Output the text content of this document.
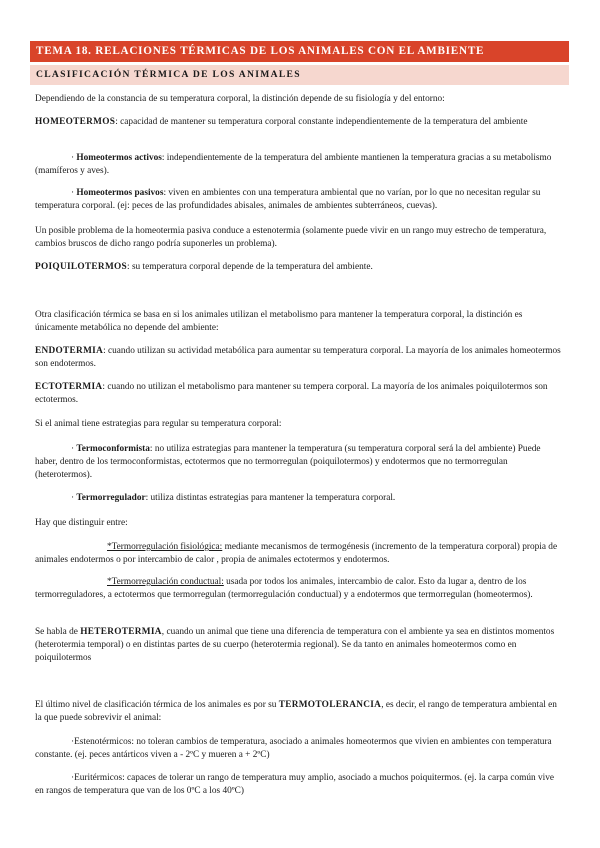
TEMA 18. RELACIONES TÉRMICAS DE LOS ANIMALES CON EL AMBIENTE
CLASIFICACIÓN TÉRMICA DE LOS ANIMALES

Dependiendo de la constancia de su temperatura corporal, la distinción depende de su fisiología y del entorno:

HOMEOTERMOS: capacidad de mantener su temperatura corporal constante independientemente de la temperatura del ambiente

· Homeotermos activos: independientemente de la temperatura del ambiente mantienen la temperatura gracias a su metabolismo (mamíferos y aves).

· Homeotermos pasivos: viven en ambientes con una temperatura ambiental que no varían, por lo que no necesitan regular su temperatura corporal. (ej: peces de las profundidades abisales, animales de ambientes subterráneos, cuevas).

Un posible problema de la homeotermia pasiva conduce a estenotermia (solamente puede vivir en un rango muy estrecho de temperatura, cambios bruscos de dicho rango podría suponerles un problema).

POIQUILOTERMOS: su temperatura corporal depende de la temperatura del ambiente.

Otra clasificación térmica se basa en si los animales utilizan el metabolismo para mantener la temperatura corporal, la distinción es únicamente metabólica no depende del ambiente:

ENDOTERMIA: cuando utilizan su actividad metabólica para aumentar su temperatura corporal. La mayoría de los animales homeotermos son endotermos.

ECTOTERMIA: cuando no utilizan el metabolismo para mantener su tempera corporal. La mayoría de los animales poiquilotermos son ectotermos.

Si el animal tiene estrategias para regular su temperatura corporal:

· Termoconformista: no utiliza estrategias para mantener la temperatura (su temperatura corporal será la del ambiente) Puede haber, dentro de los termoconformistas, ectotermos que no termorregulan (poiquilotermos) y endotermos que no termorregulan (heterotermos).

· Termorregulador: utiliza distintas estrategias para mantener la temperatura corporal.

Hay que distinguir entre:

*Termorregulación fisiológica: mediante mecanismos de termogénesis (incremento de la temperatura corporal) propia de animales endotermos o por intercambio de calor , propia de animales ectotermos y endotermos.

*Termorregulación conductual: usada por todos los animales, intercambio de calor. Esto da lugar a, dentro de los termorreguladores, a ectotermos que termorregulan (termorregulación conductual) y a endotermos que termorregulan (homeotermos).

Se habla de HETEROTERMIA, cuando un animal que tiene una diferencia de temperatura con el ambiente ya sea en distintos momentos (heterotermia temporal) o en distintas partes de su cuerpo (heterotermia regional). Se da tanto en animales homeotermos como en poiquilotermos

El último nivel de clasificación térmica de los animales es por su TERMOTOLERANCIA, es decir, el rango de temperatura ambiental en la que puede sobrevivir el animal:

·Estenotérmicos: no toleran cambios de temperatura, asociado a animales homeotermos que vivien en ambientes con temperatura constante. (ej. peces antárticos viven a - 2ºC y mueren a + 2ºC)

·Euritérmicos: capaces de tolerar un rango de temperatura muy amplio, asociado a muchos poiquitermos. (ej. la carpa común vive en rangos de temperatura que van de los 0ºC a los 40ºC)
